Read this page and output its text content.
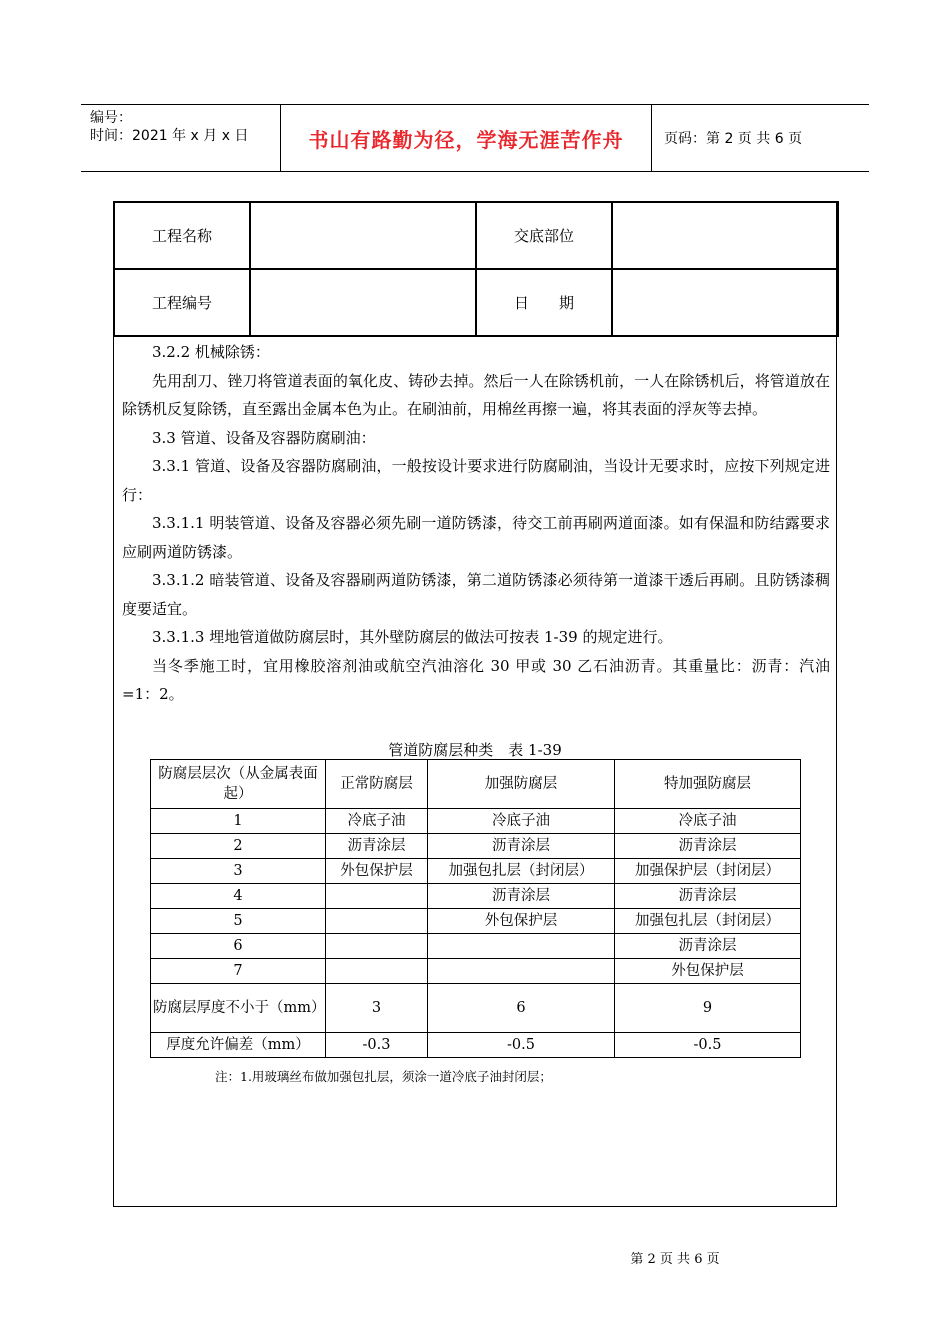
编号：
时间：2021 年 x 月 x 日	书山有路勤为径，学海无涯苦作舟	页码：第 2 页 共 6 页
工程名称		交底部位	
工程编号		日　　期	

3.2.2 机械除锈：

先用刮刀、锉刀将管道表面的氧化皮、铸砂去掉。然后一人在除锈机前，一人在除锈机后，将管道放在除锈机反复除锈，直至露出金属本色为止。在刷油前，用棉丝再擦一遍，将其表面的浮灰等去掉。

3.3 管道、设备及容器防腐刷油：

3.3.1 管道、设备及容器防腐刷油，一般按设计要求进行防腐刷油，当设计无要求时，应按下列规定进行：

3.3.1.1 明装管道、设备及容器必须先刷一道防锈漆，待交工前再刷两道面漆。如有保温和防结露要求应刷两道防锈漆。

3.3.1.2 暗装管道、设备及容器刷两道防锈漆，第二道防锈漆必须待第一道漆干透后再刷。且防锈漆稠度要适宜。

3.3.1.3 埋地管道做防腐层时，其外壁防腐层的做法可按表 1-39 的规定进行。

当冬季施工时，宜用橡胶溶剂油或航空汽油溶化 30 甲或 30 乙石油沥青。其重量比：沥青：汽油=1：2。

管道防腐层种类　表 1-39
防腐层层次（从金属表面起）	正常防腐层	加强防腐层	特加强防腐层
1	冷底子油	冷底子油	冷底子油
2	沥青涂层	沥青涂层	沥青涂层
3	外包保护层	加强包扎层（封闭层）	加强保护层（封闭层）
4		沥青涂层	沥青涂层
5		外包保护层	加强包扎层（封闭层）
6			沥青涂层
7			外包保护层
防腐层厚度不小于（mm）	3	6	9
厚度允许偏差（mm）	-0.3	-0.5	-0.5
注：1.用玻璃丝布做加强包扎层，须涂一道冷底子油封闭层；
第 2 页 共 6 页
